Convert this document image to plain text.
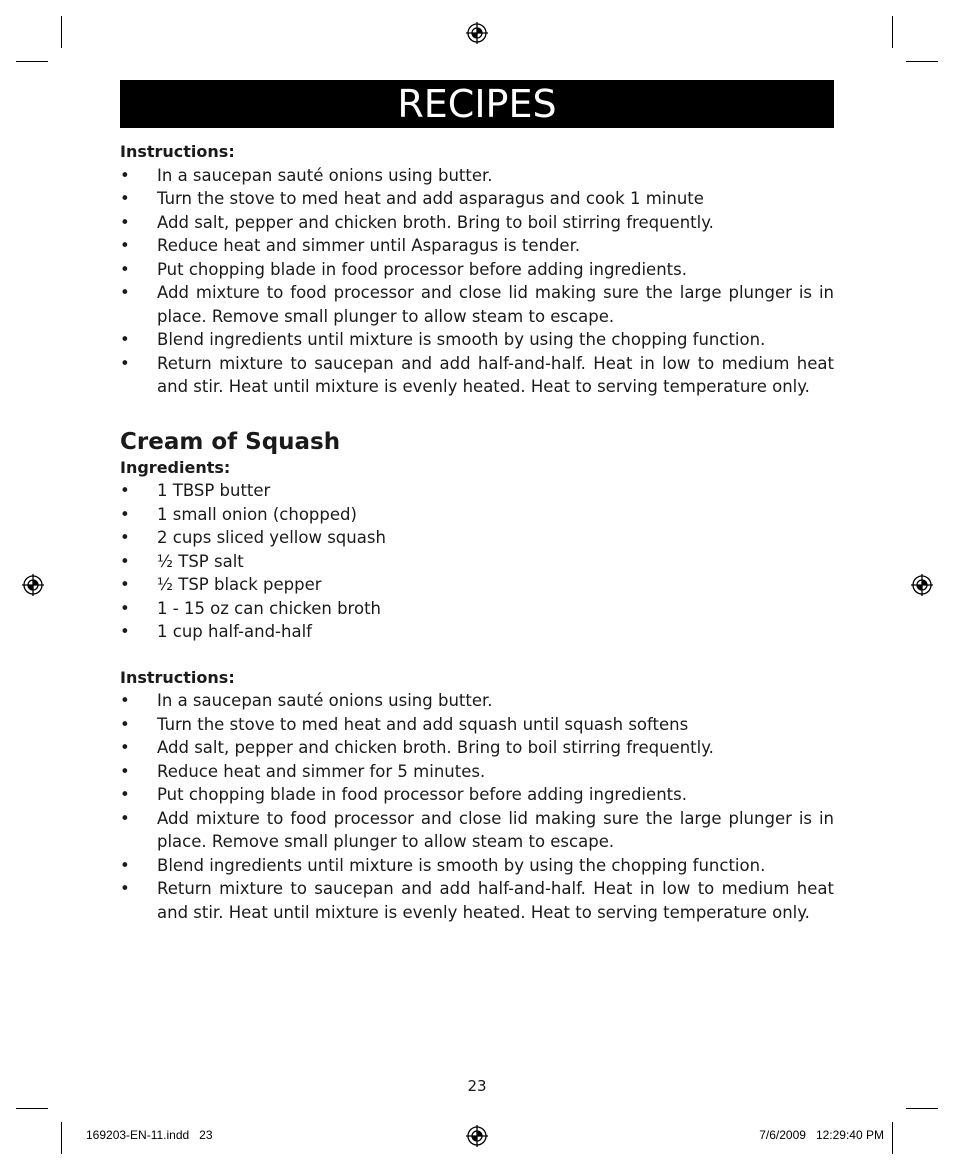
RECIPES

Instructions:

• In a saucepan sauté onions using butter.
• Turn the stove to med heat and add asparagus and cook 1 minute
• Add salt, pepper and chicken broth. Bring to boil stirring frequently.
• Reduce heat and simmer until Asparagus is tender.
• Put chopping blade in food processor before adding ingredients.
• Add mixture to food processor and close lid making sure the large plunger is in place. Remove small plunger to allow steam to escape.
• Blend ingredients until mixture is smooth by using the chopping function.
• Return mixture to saucepan and add half-and-half. Heat in low to medium heat and stir. Heat until mixture is evenly heated. Heat to serving temperature only.

Cream of Squash

Ingredients:

• 1 TBSP butter
• 1 small onion (chopped)
• 2 cups sliced yellow squash
• ½ TSP salt
• ½ TSP black pepper
• 1 - 15 oz can chicken broth
• 1 cup half-and-half

Instructions:

• In a saucepan sauté onions using butter.
• Turn the stove to med heat and add squash until squash softens
• Add salt, pepper and chicken broth. Bring to boil stirring frequently.
• Reduce heat and simmer for 5 minutes.
• Put chopping blade in food processor before adding ingredients.
• Add mixture to food processor and close lid making sure the large plunger is in place. Remove small plunger to allow steam to escape.
• Blend ingredients until mixture is smooth by using the chopping function.
• Return mixture to saucepan and add half-and-half. Heat in low to medium heat and stir. Heat until mixture is evenly heated. Heat to serving temperature only.
23
169203-EN-11.indd   23	7/6/2009   12:29:40 PM
